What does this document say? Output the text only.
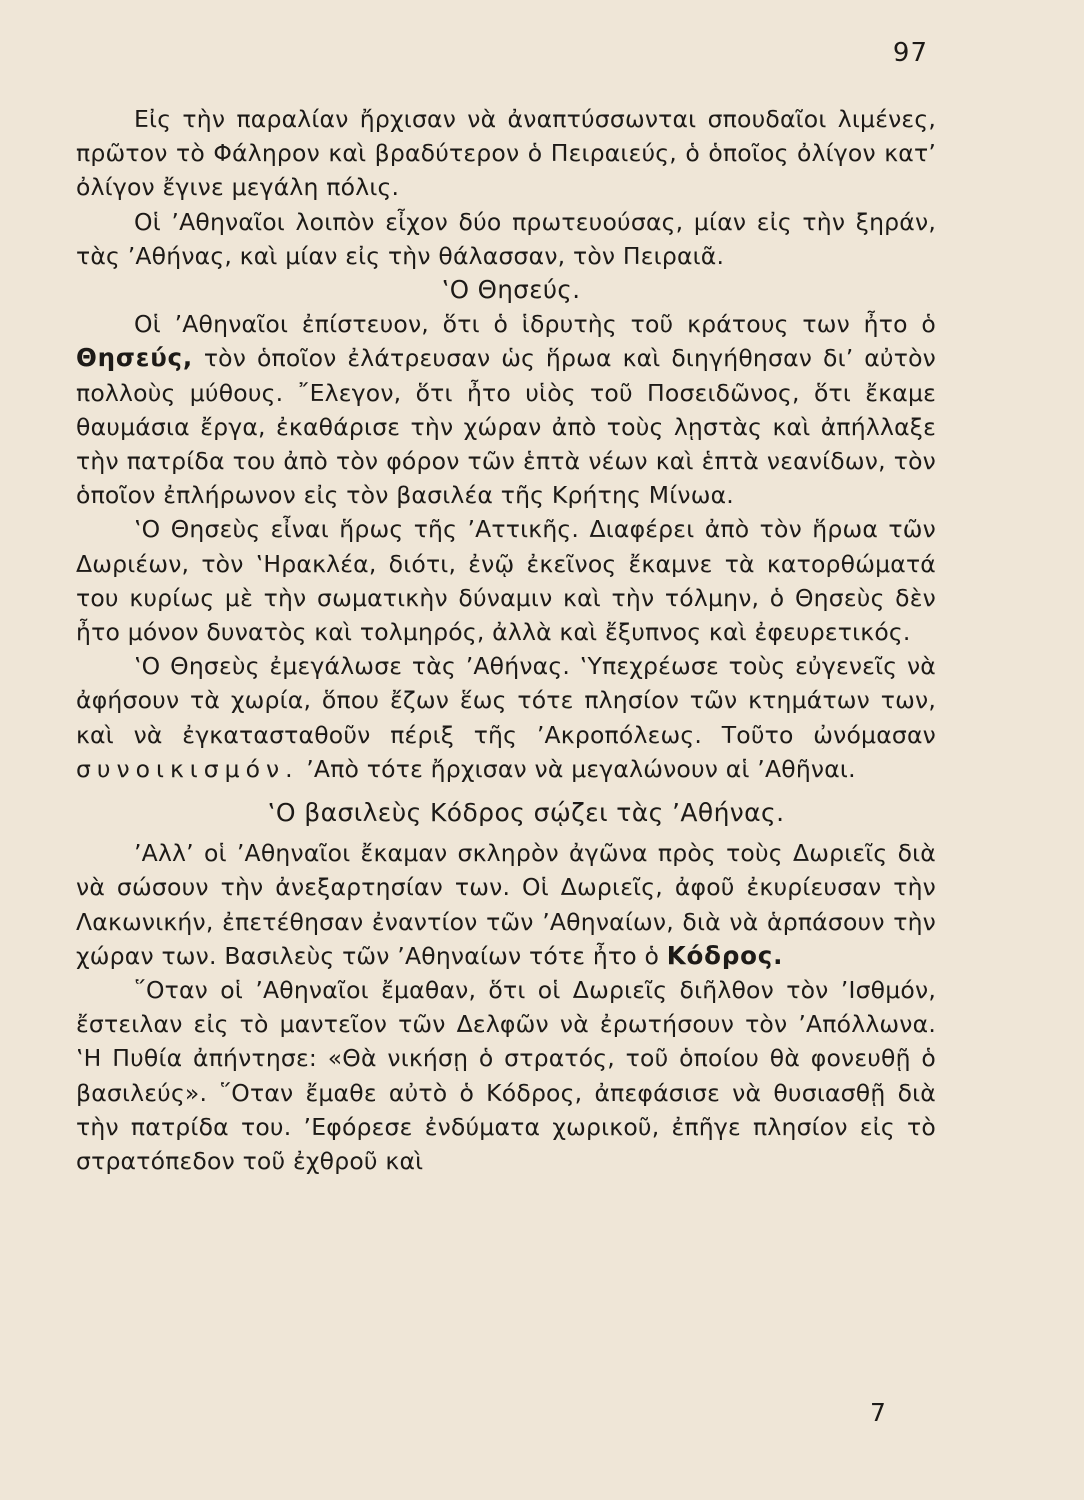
97

Εἰς τὴν παραλίαν ἤρχισαν νὰ ἀναπτύσσωνται σπουδαῖοι λιμένες, πρῶτον τὸ Φάληρον καὶ βραδύτερον ὁ Πειραιεύς, ὁ ὁποῖος ὀλίγον κατ’ ὀλίγον ἔγινε μεγάλη πόλις.

Οἱ ’Αθηναῖοι λοιπὸν εἶχον δύο πρωτευούσας, μίαν εἰς τὴν ξηράν, τὰς ’Αθήνας, καὶ μίαν εἰς τὴν θάλασσαν, τὸν Πειραιᾶ.

‛Ο Θησεύς.

Οἱ ’Αθηναῖοι ἐπίστευον, ὅτι ὁ ἱδρυτὴς τοῦ κράτους των ἦτο ὁ Θησεύς, τὸν ὁποῖον ἐλάτρευσαν ὡς ἥρωα καὶ διηγήθησαν δι’ αὐτὸν πολλοὺς μύθους. ῎Ελεγον, ὅτι ἦτο υἱὸς τοῦ Ποσειδῶνος, ὅτι ἔκαμε θαυμάσια ἔργα, ἐκαθάρισε τὴν χώραν ἀπὸ τοὺς λῃστὰς καὶ ἀπήλλαξε τὴν πατρίδα του ἀπὸ τὸν φόρον τῶν ἑπτὰ νέων καὶ ἑπτὰ νεανίδων, τὸν ὁποῖον ἐπλήρωνον εἰς τὸν βασιλέα τῆς Κρήτης Μίνωα.

‛Ο Θησεὺς εἶναι ἥρως τῆς ’Αττικῆς. Διαφέρει ἀπὸ τὸν ἥρωα τῶν Δωριέων, τὸν ‛Ηρακλέα, διότι, ἐνῷ ἐκεῖνος ἔκαμνε τὰ κατορθώματά του κυρίως μὲ τὴν σωματικὴν δύναμιν καὶ τὴν τόλμην, ὁ Θησεὺς δὲν ἦτο μόνον δυνατὸς καὶ τολμηρός, ἀλλὰ καὶ ἔξυπνος καὶ ἐφευρετικός.

‛Ο Θησεὺς ἐμεγάλωσε τὰς ’Αθήνας. ‛Υπεχρέωσε τοὺς εὐγενεῖς νὰ ἀφήσουν τὰ χωρία, ὅπου ἔζων ἕως τότε πλησίον τῶν κτημάτων των, καὶ νὰ ἐγκατασταθοῦν πέριξ τῆς ’Ακροπόλεως. Τοῦτο ὠνόμασαν συνοικισμόν. ’Απὸ τότε ἤρχισαν νὰ μεγαλώνουν αἱ ’Αθῆναι.

‛Ο βασιλεὺς Κόδρος σῴζει τὰς ’Αθήνας.

’Αλλ’ οἱ ’Αθηναῖοι ἔκαμαν σκληρὸν ἀγῶνα πρὸς τοὺς Δωριεῖς διὰ νὰ σώσουν τὴν ἀνεξαρτησίαν των. Οἱ Δωριεῖς, ἀφοῦ ἐκυρίευσαν τὴν Λακωνικήν, ἐπετέθησαν ἐναντίον τῶν ’Αθηναίων, διὰ νὰ ἁρπάσουν τὴν χώραν των. Βασιλεὺς τῶν ’Αθηναίων τότε ἦτο ὁ Κόδρος.

῞Οταν οἱ ’Αθηναῖοι ἔμαθαν, ὅτι οἱ Δωριεῖς διῆλθον τὸν ’Ισθμόν, ἔστειλαν εἰς τὸ μαντεῖον τῶν Δελφῶν νὰ ἐρωτήσουν τὸν ’Απόλλωνα. ‛Η Πυθία ἀπήντησε: «Θὰ νικήσῃ ὁ στρατός, τοῦ ὁποίου θὰ φονευθῇ ὁ βασιλεύς». ῞Οταν ἔμαθε αὐτὸ ὁ Κόδρος, ἀπεφάσισε νὰ θυσιασθῇ διὰ τὴν πατρίδα του. ’Εφόρεσε ἐνδύματα χωρικοῦ, ἐπῆγε πλησίον εἰς τὸ στρατόπεδον τοῦ ἐχθροῦ καὶ

7
